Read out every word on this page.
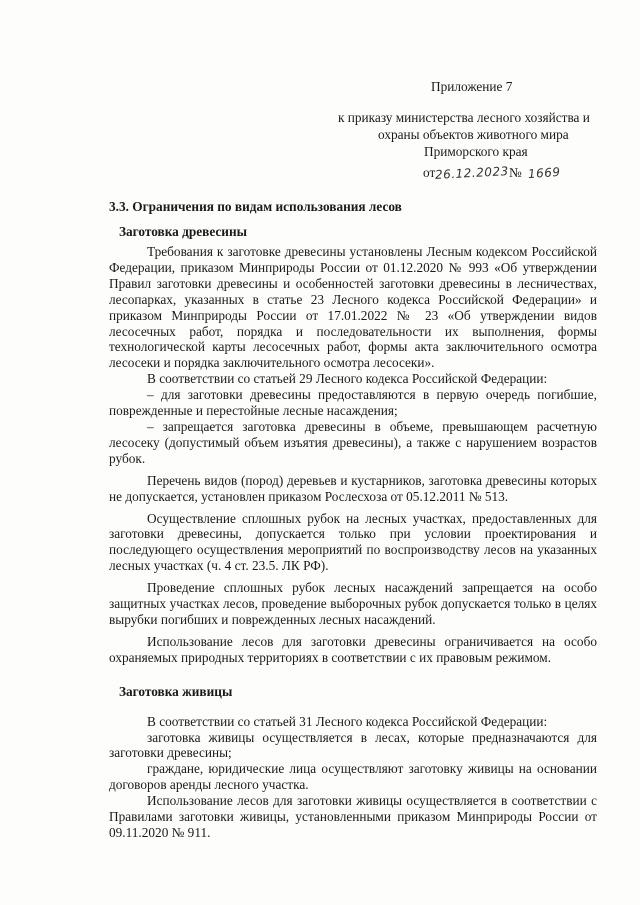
Приложение 7
к приказу министерства лесного хозяйства и
охраны объектов животного мира
Приморского края
от26.12.2023№ 1669
3.3. Ограничения по видам использования лесов
Заготовка древесины

Требования к заготовке древесины установлены Лесным кодексом Российской Федерации, приказом Минприроды России от 01.12.2020 № 993 «Об утверждении Правил заготовки древесины и особенностей заготовки древесины в лесничествах, лесопарках, указанных в статье 23 Лесного кодекса Российской Федерации» и приказом Минприроды России от 17.01.2022 № 23 «Об утверждении видов лесосечных работ, порядка и последовательности их выполнения, формы технологической карты лесосечных работ, формы акта заключительного осмотра лесосеки и порядка заключительного осмотра лесосеки».

В соответствии со статьей 29 Лесного кодекса Российской Федерации:

– для заготовки древесины предоставляются в первую очередь погибшие, поврежденные и перестойные лесные насаждения;

– запрещается заготовка древесины в объеме, превышающем расчетную лесосеку (допустимый объем изъятия древесины), а также с нарушением возрастов рубок.

Перечень видов (пород) деревьев и кустарников, заготовка древесины которых не допускается, установлен приказом Рослесхоза от 05.12.2011 № 513.

Осуществление сплошных рубок на лесных участках, предоставленных для заготовки древесины, допускается только при условии проектирования и последующего осуществления мероприятий по воспроизводству лесов на указанных лесных участках (ч. 4 ст. 23.5. ЛК РФ).

Проведение сплошных рубок лесных насаждений запрещается на особо защитных участках лесов, проведение выборочных рубок допускается только в целях вырубки погибших и поврежденных лесных насаждений.

Использование лесов для заготовки древесины ограничивается на особо охраняемых природных территориях в соответствии с их правовым режимом.

Заготовка живицы

В соответствии со статьей 31 Лесного кодекса Российской Федерации:

заготовка живицы осуществляется в лесах, которые предназначаются для заготовки древесины;

граждане, юридические лица осуществляют заготовку живицы на основании договоров аренды лесного участка.

Использование лесов для заготовки живицы осуществляется в соответствии с Правилами заготовки живицы, установленными приказом Минприроды России от 09.11.2020 № 911.
